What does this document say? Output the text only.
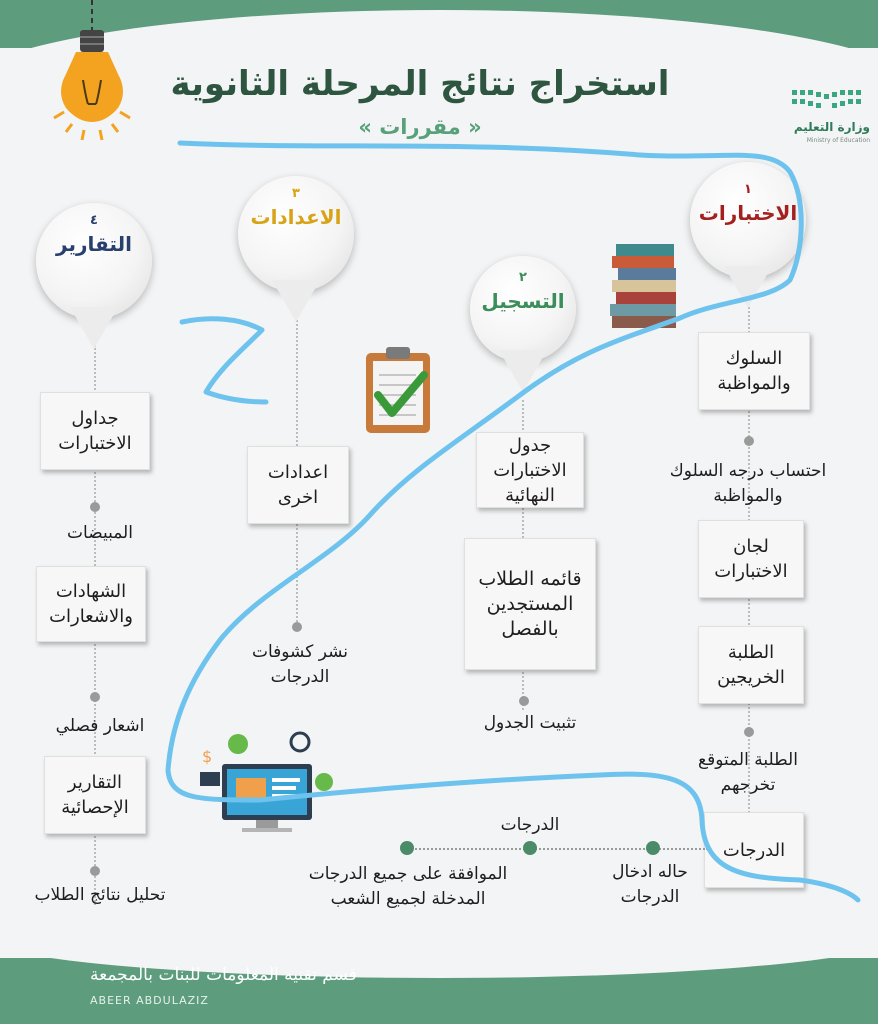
استخراج نتائج المرحلة الثانوية
« مقررات »	وزارة التعليم
Ministry of Education
١
الاختبارات
٢
التسجيل
٣
الاعدادات
٤
التقارير
$
السلوك والمواظبة
احتساب درجه السلوك والمواظبة
لجان الاختبارات
الطلبة الخريجين
الطلبة المتوقع تخرجهم
الدرجات
جدول الاختبارات النهائية
قائمه الطلاب المستجدين بالفصل
تثبيت الجدول
اعدادات اخرى
نشر كشوفات الدرجات
جداول الاختبارات
المبيضات
الشهادات والاشعارات
اشعار فصلي
التقارير الإحصائية
تحليل نتائج الطلاب
الدرجات
حاله ادخال الدرجات
الموافقة على جميع الدرجات المدخلة لجميع الشعب
قسم تقنيه المعلومات للبنات بالمجمعة
ABEER ABDULAZIZ
